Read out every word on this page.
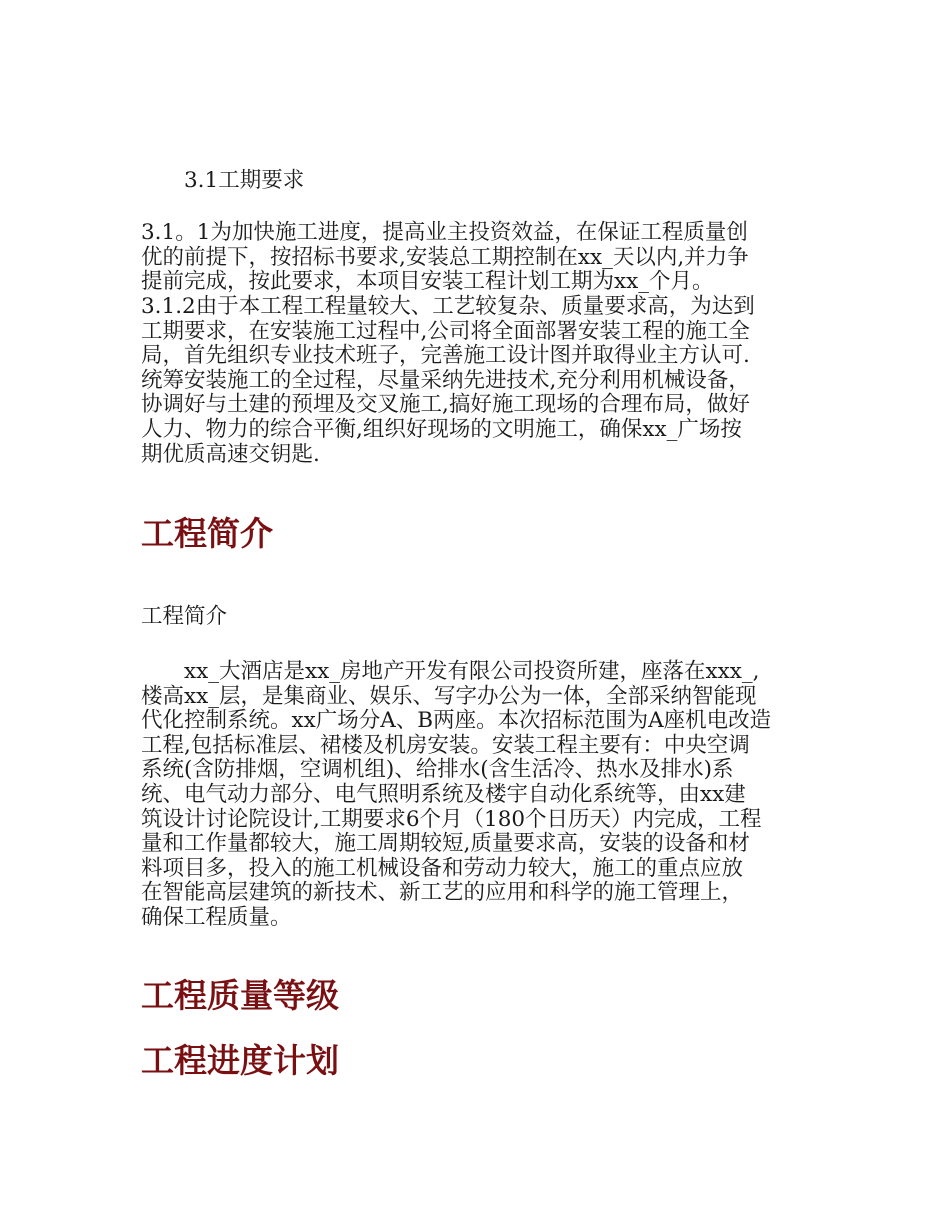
3.1工期要求

3.1。1为加快施工进度，提高业主投资效益，在保证工程质量创
优的前提下，按招标书要求,安装总工期控制在xx_天以内,并力争
提前完成，按此要求，本项目安装工程计划工期为xx_个月。
3.1.2由于本工程工程量较大、工艺较复杂、质量要求高，为达到
工期要求，在安装施工过程中,公司将全面部署安装工程的施工全
局，首先组织专业技术班子，完善施工设计图并取得业主方认可.
统筹安装施工的全过程，尽量采纳先进技术,充分利用机械设备，
协调好与土建的预埋及交叉施工,搞好施工现场的合理布局，做好
人力、物力的综合平衡,组织好现场的文明施工，确保xx_广场按
期优质高速交钥匙.
工程简介

工程简介

xx_大酒店是xx_房地产开发有限公司投资所建，座落在xxx_,
楼高xx_层，是集商业、娱乐、写字办公为一体，全部采纳智能现
代化控制系统。xx广场分A、B两座。本次招标范围为A座机电改造
工程,包括标准层、裙楼及机房安装。安装工程主要有：中央空调
系统(含防排烟，空调机组)、给排水(含生活冷、热水及排水)系
统、电气动力部分、电气照明系统及楼宇自动化系统等，由xx建
筑设计讨论院设计,工期要求6个月（180个日历天）内完成，工程
量和工作量都较大，施工周期较短,质量要求高，安装的设备和材
料项目多，投入的施工机械设备和劳动力较大，施工的重点应放
在智能高层建筑的新技术、新工艺的应用和科学的施工管理上，
确保工程质量。
工程质量等级
工程进度计划
